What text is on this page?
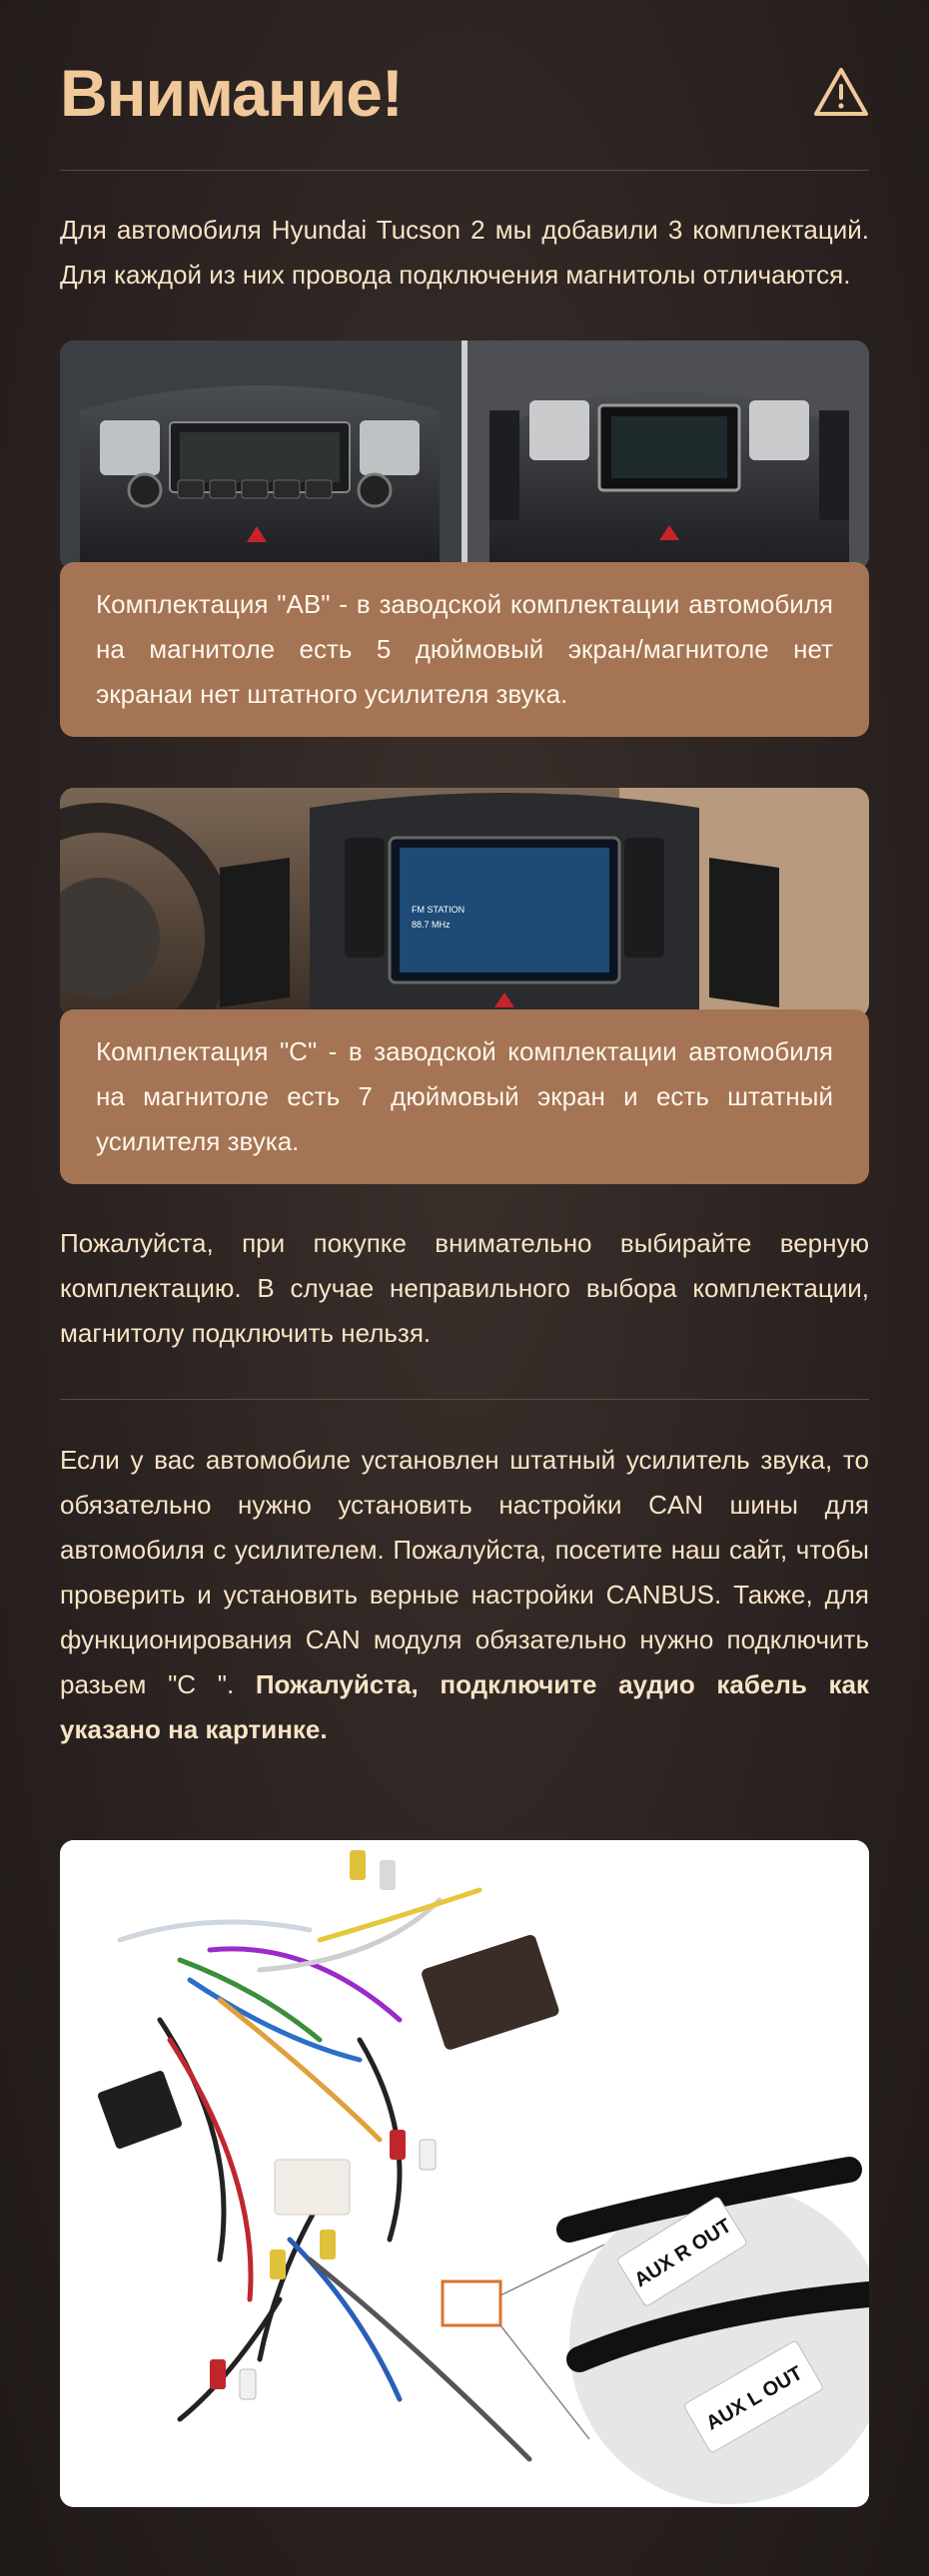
Внимание!
Для автомобиля Hyundai Tucson 2 мы добавили 3 комплектаций. Для каждой из них провода подключения магнитолы отличаются.
Комплектация "AB" - в заводской комплектации автомобиля на магнитоле есть 5 дюймовый экран/магнитоле нет экранаи нет штатного усилителя звука.
FM STATION
88.7 MHz
Комплектация "C" - в заводской комплектации автомобиля на магнитоле есть 7 дюймовый экран и есть штатный усилителя звука.
Пожалуйста, при покупке внимательно выбирайте верную комплектацию. В случае неправильного выбора комплектации, магнитолу подключить нельзя.
Если у вас автомобиле установлен штатный усилитель звука, то обязательно нужно установить настройки CAN шины для автомобиля с усилителем. Пожалуйста, посетите наш сайт, чтобы проверить и установить верные настройки CANBUS. Также, для функционирования CAN модуля обязательно нужно подключить разьем "C ". Пожалуйста, подключите аудио кабель как указано на картинке.
AUX R OUT
AUX L OUT
